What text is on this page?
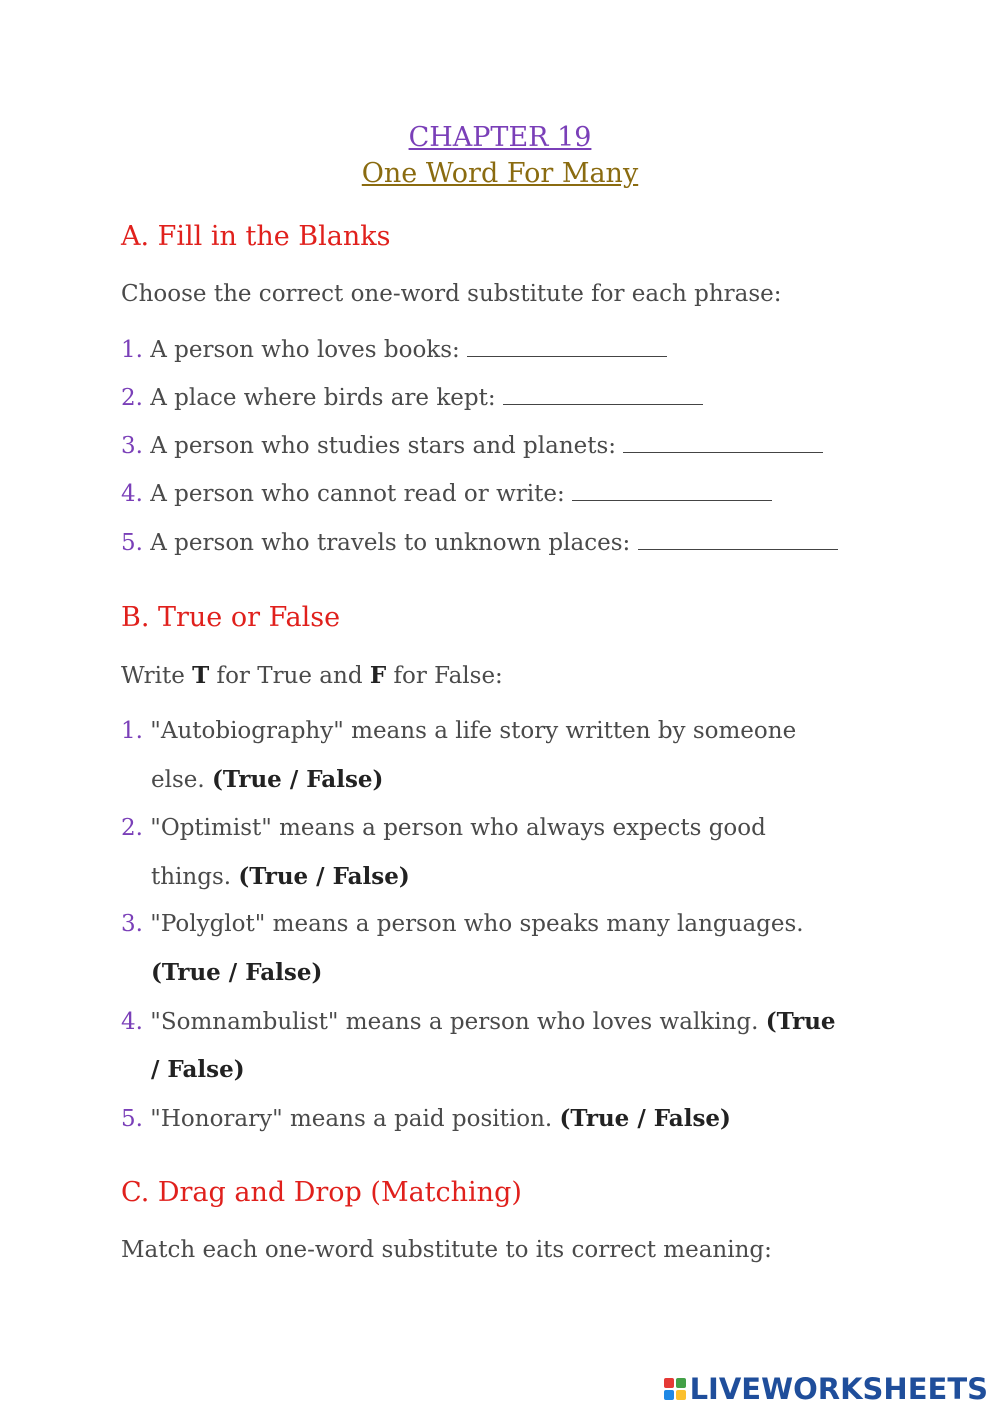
CHAPTER 19
One Word For Many
A. Fill in the Blanks
Choose the correct one-word substitute for each phrase:
1. A person who loves books:
2. A place where birds are kept:
3. A person who studies stars and planets:
4. A person who cannot read or write:
5. A person who travels to unknown places:
B. True or False
Write T for True and F for False:
1. "Autobiography" means a life story written by someone
else. (True / False)
2. "Optimist" means a person who always expects good
things. (True / False)
3. "Polyglot" means a person who speaks many languages.
(True / False)
4. "Somnambulist" means a person who loves walking. (True
/ False)
5. "Honorary" means a paid position. (True / False)
C. Drag and Drop (Matching)
Match each one-word substitute to its correct meaning:
LIVEWORKSHEETS
